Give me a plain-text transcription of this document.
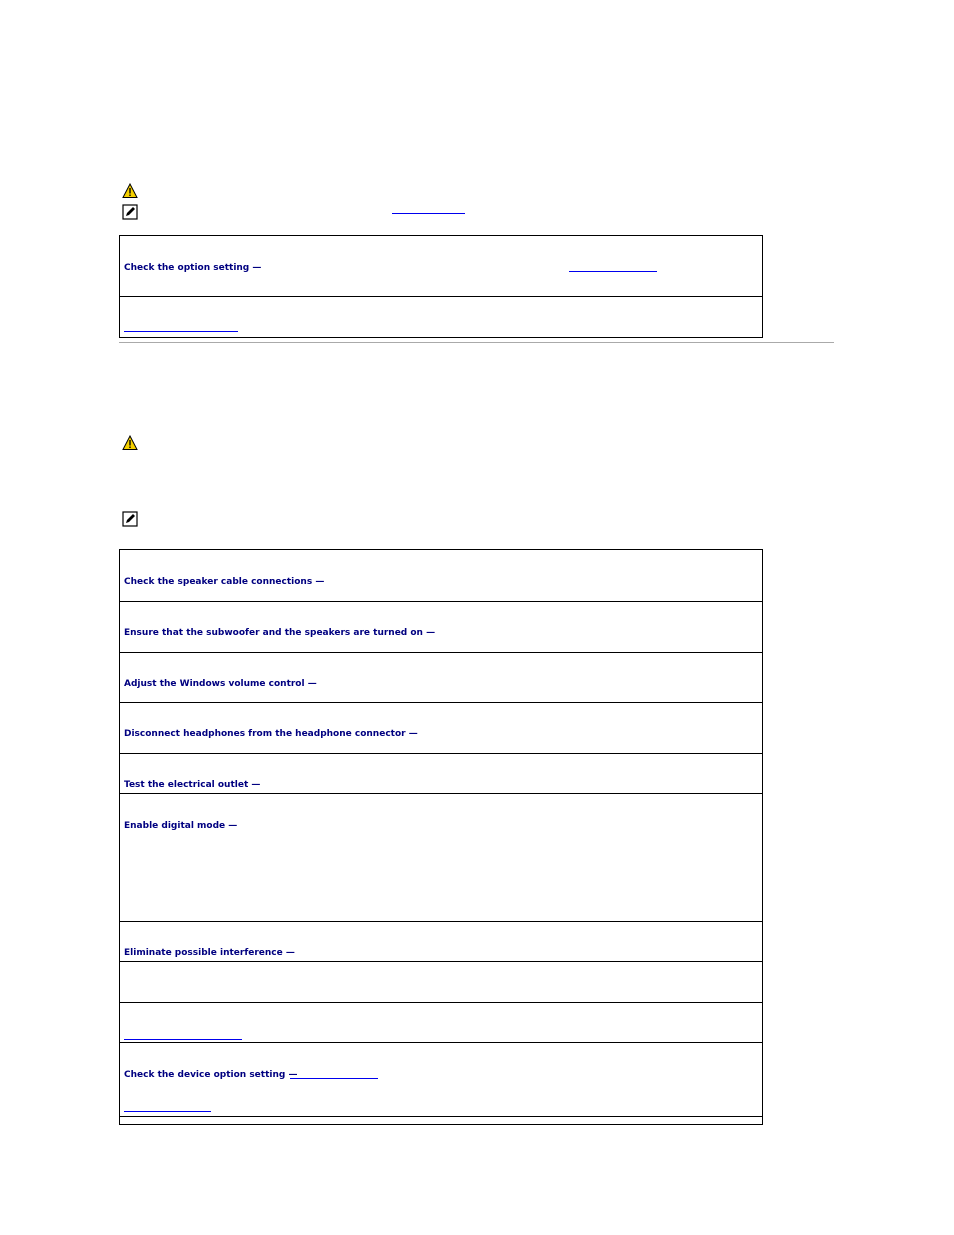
Check the option setting —
Check the speaker cable connections —
Ensure that the subwoofer and the speakers are turned on —
Adjust the Windows volume control —
Disconnect headphones from the headphone connector —
Test the electrical outlet —
Enable digital mode —
Eliminate possible interference —
Check the device option setting —
